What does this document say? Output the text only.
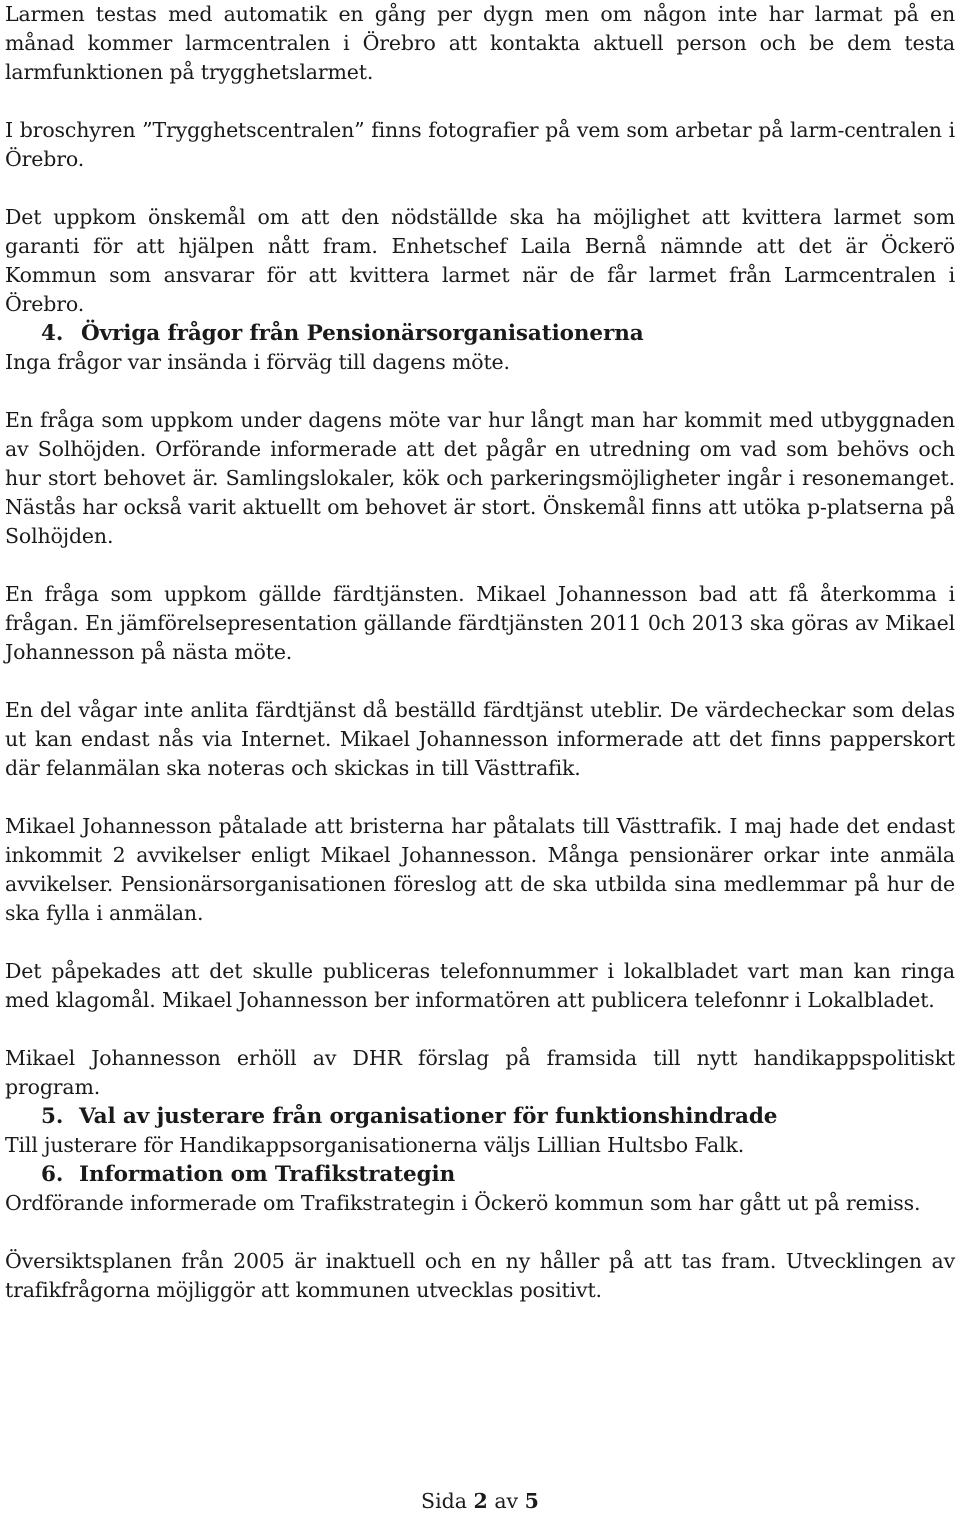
Larmen testas med automatik en gång per dygn men om någon inte har larmat på en månad kommer larmcentralen i Örebro att kontakta aktuell person och be dem testa larmfunktionen på trygghetslarmet.

I broschyren ”Trygghetscentralen” finns fotografier på vem som arbetar på larm-centralen i Örebro.

Det uppkom önskemål om att den nödställde ska ha möjlighet att kvittera larmet som garanti för att hjälpen nått fram. Enhetschef Laila Bernå nämnde att det är Öckerö Kommun som ansvarar för att kvittera larmet när de får larmet från Larmcentralen i Örebro.

4. Övriga frågor från Pensionärsorganisationerna

Inga frågor var insända i förväg till dagens möte.

En fråga som uppkom under dagens möte var hur långt man har kommit med utbyggnaden av Solhöjden. Orförande informerade att det pågår en utredning om vad som behövs och hur stort behovet är. Samlingslokaler, kök och parkeringsmöjligheter ingår i resonemanget. Nästås har också varit aktuellt om behovet är stort. Önskemål finns att utöka p-platserna på Solhöjden.

En fråga som uppkom gällde färdtjänsten. Mikael Johannesson bad att få återkomma i frågan. En jämförelsepresentation gällande färdtjänsten 2011 0ch 2013 ska göras av Mikael Johannesson på nästa möte.

En del vågar inte anlita färdtjänst då beställd färdtjänst uteblir. De värdecheckar som delas ut kan endast nås via Internet. Mikael Johannesson informerade att det finns papperskort där felanmälan ska noteras och skickas in till Västtrafik.

Mikael Johannesson påtalade att bristerna har påtalats till Västtrafik. I maj hade det endast inkommit 2 avvikelser enligt Mikael Johannesson. Många pensionärer orkar inte anmäla avvikelser. Pensionärsorganisationen föreslog att de ska utbilda sina medlemmar på hur de ska fylla i anmälan.

Det påpekades att det skulle publiceras telefonnummer i lokalbladet vart man kan ringa med klagomål. Mikael Johannesson ber informatören att publicera telefonnr i Lokalbladet.

Mikael Johannesson erhöll av DHR förslag på framsida till nytt handikappspolitiskt program.

5. Val av justerare från organisationer för funktionshindrade

Till justerare för Handikappsorganisationerna väljs Lillian Hultsbo Falk.

6. Information om Trafikstrategin

Ordförande informerade om Trafikstrategin i Öckerö kommun som har gått ut på remiss.

Översiktsplanen från 2005 är inaktuell och en ny håller på att tas fram. Utvecklingen av trafikfrågorna möjliggör att kommunen utvecklas positivt.

Sida 2 av 5
